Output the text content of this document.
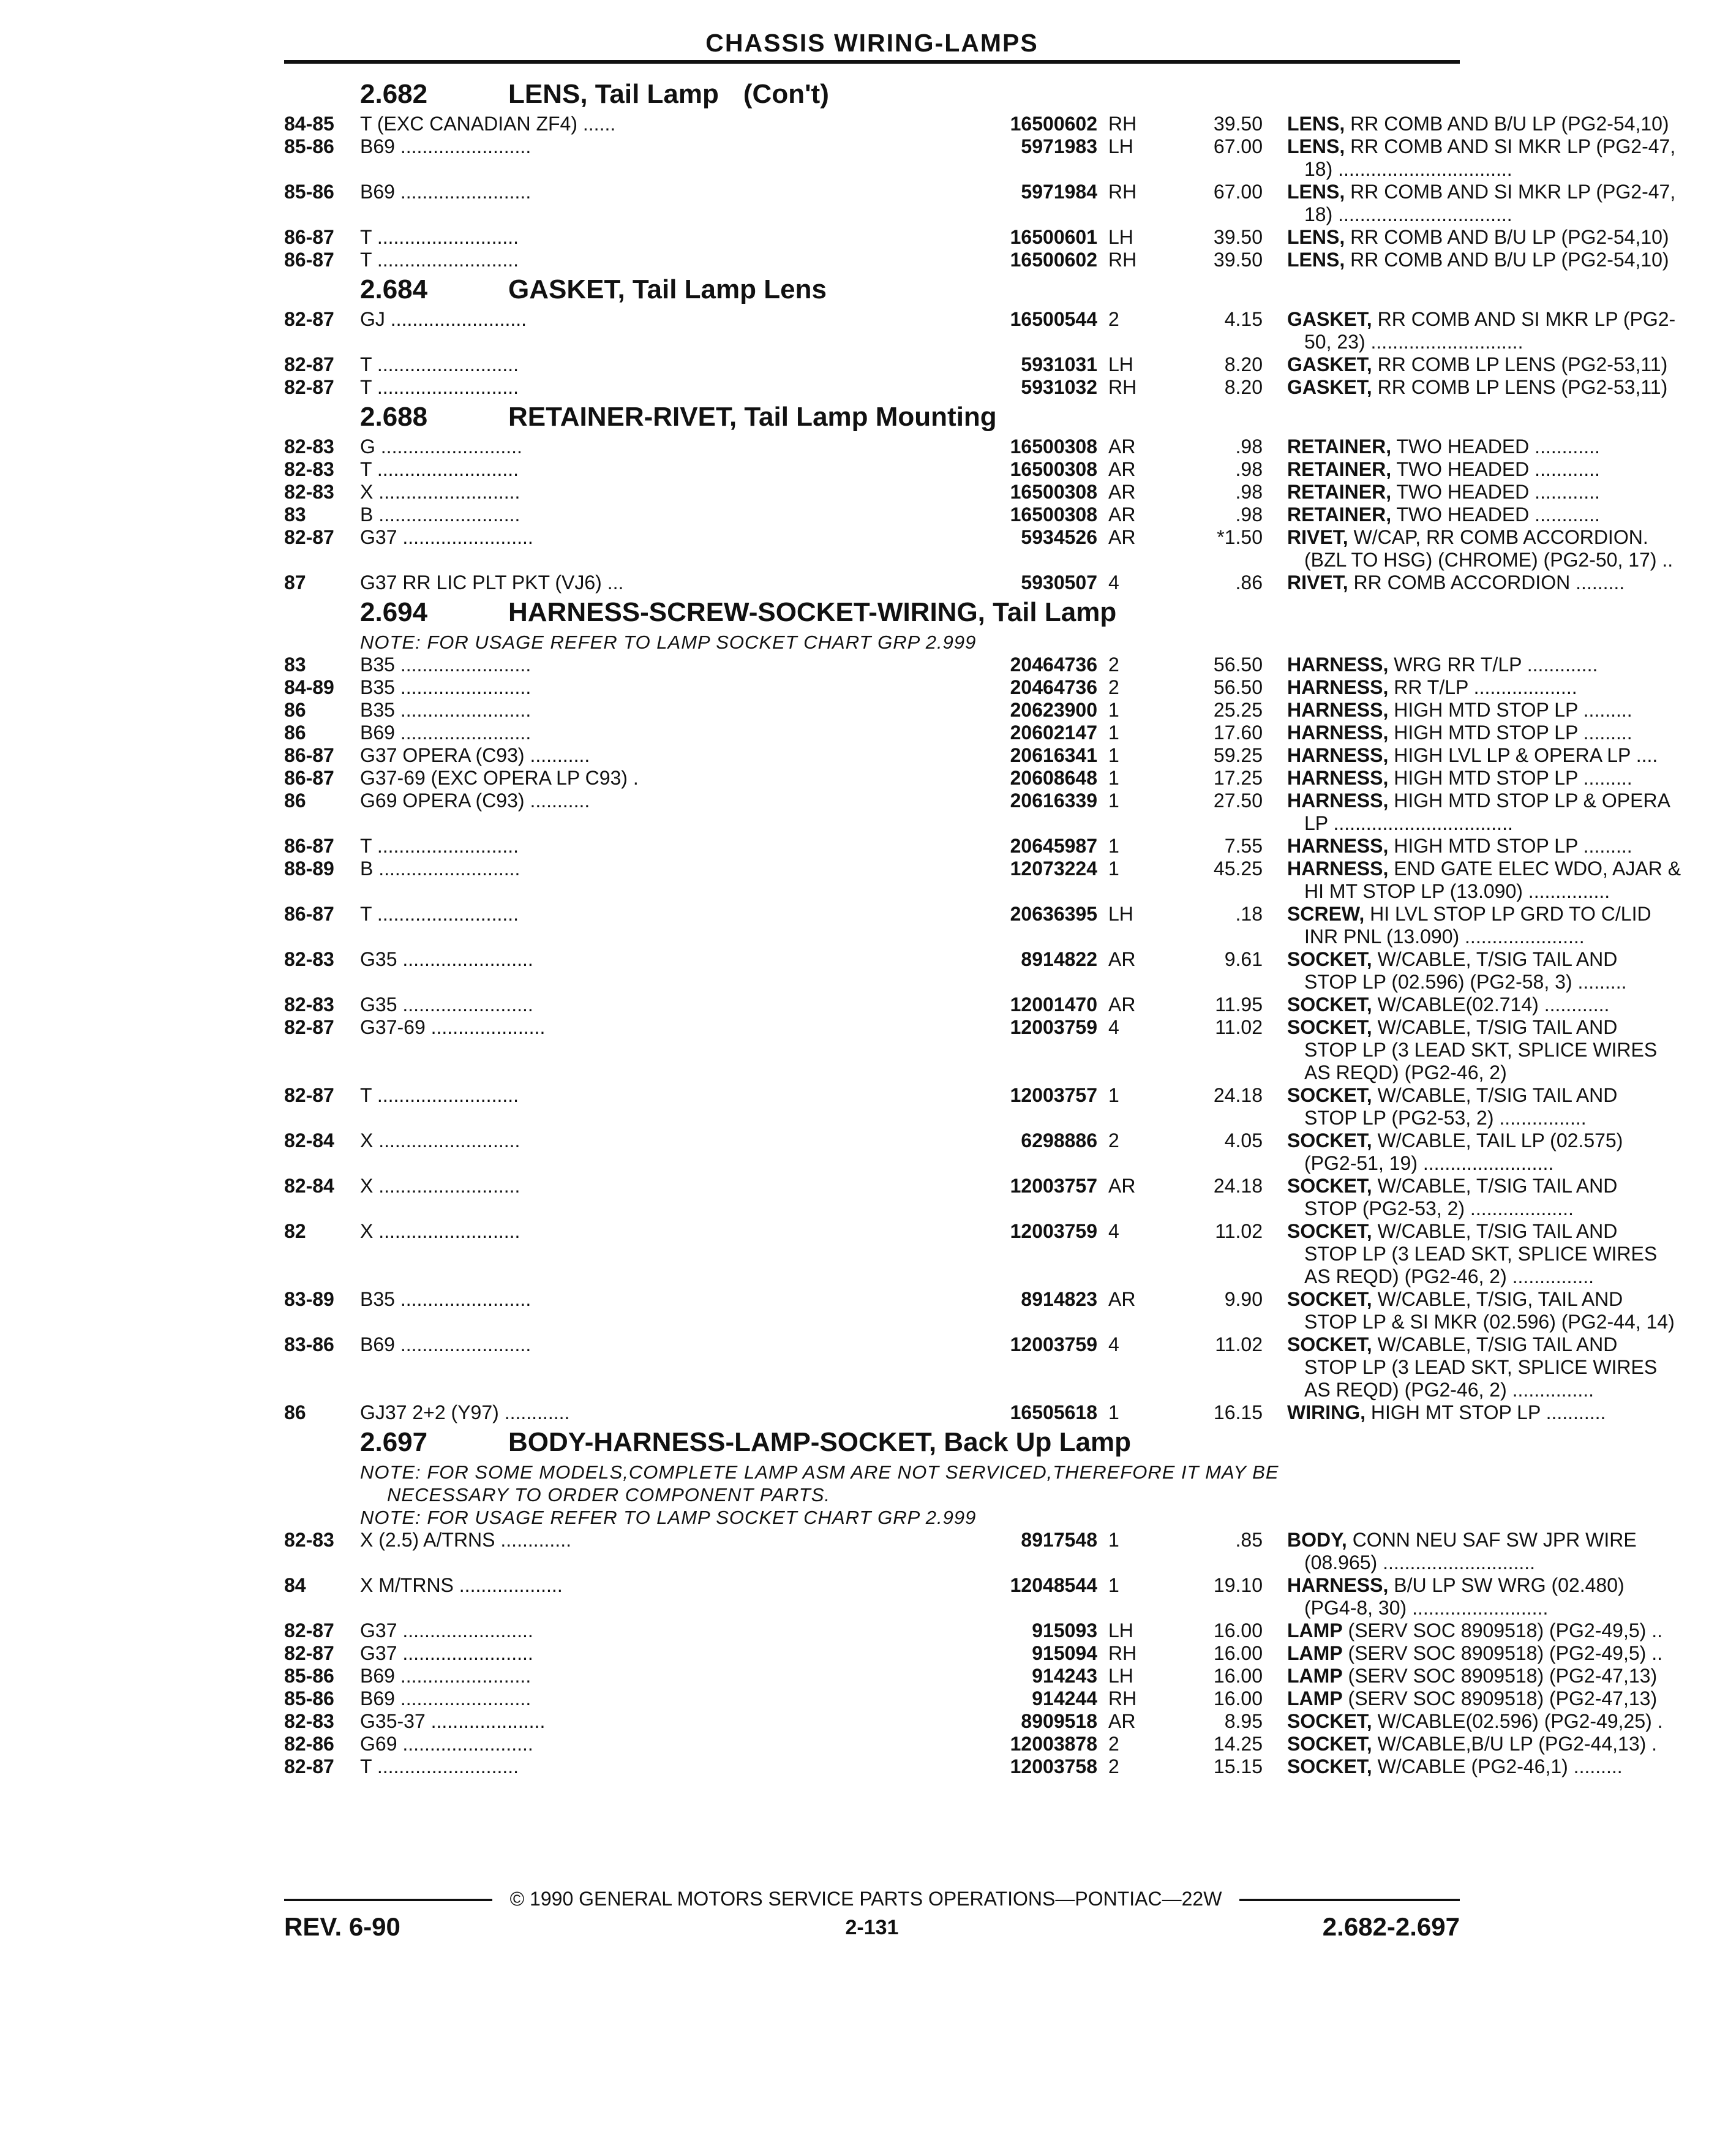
CHASSIS WIRING-LAMPS
2.682	LENS, Tail Lamp (Con't)
84-85	T (EXC CANADIAN ZF4) ......	16500602 RH	39.50 LENS, RR COMB AND B/U LP (PG2-54,10)
85-86	B69 ........................	5971983 LH	67.00 LENS, RR COMB AND SI MKR LP (PG2-47,
18) ................................
85-86	B69 ........................	5971984 RH	67.00 LENS, RR COMB AND SI MKR LP (PG2-47,
18) ................................
86-87	T ..........................	16500601 LH	39.50 LENS, RR COMB AND B/U LP (PG2-54,10)
86-87	T ..........................	16500602 RH	39.50 LENS, RR COMB AND B/U LP (PG2-54,10)
2.684	GASKET, Tail Lamp Lens
82-87	GJ .........................	16500544 2	4.15 GASKET, RR COMB AND SI MKR LP (PG2-
50, 23) ............................
82-87	T ..........................	5931031 LH	8.20 GASKET, RR COMB LP LENS (PG2-53,11)
82-87	T ..........................	5931032 RH	8.20 GASKET, RR COMB LP LENS (PG2-53,11)
2.688	RETAINER-RIVET, Tail Lamp Mounting
82-83	G ..........................	16500308 AR	.98 RETAINER, TWO HEADED ............
82-83	T ..........................	16500308 AR	.98 RETAINER, TWO HEADED ............
82-83	X ..........................	16500308 AR	.98 RETAINER, TWO HEADED ............
83	B ..........................	16500308 AR	.98 RETAINER, TWO HEADED ............
82-87	G37 ........................	5934526 AR	*1.50 RIVET, W/CAP, RR COMB ACCORDION.
(BZL TO HSG) (CHROME) (PG2-50, 17) ..
87	G37 RR LIC PLT PKT (VJ6) ...	5930507 4	.86 RIVET, RR COMB ACCORDION .........
2.694	HARNESS-SCREW-SOCKET-WIRING, Tail Lamp
NOTE: FOR USAGE REFER TO LAMP SOCKET CHART GRP 2.999
83	B35 ........................	20464736 2	56.50 HARNESS, WRG RR T/LP .............
84-89	B35 ........................	20464736 2	56.50 HARNESS, RR T/LP ...................
86	B35 ........................	20623900 1	25.25 HARNESS, HIGH MTD STOP LP .........
86	B69 ........................	20602147 1	17.60 HARNESS, HIGH MTD STOP LP .........
86-87	G37 OPERA (C93) ...........	20616341 1	59.25 HARNESS, HIGH LVL LP & OPERA LP ....
86-87	G37-69 (EXC OPERA LP C93) .	20608648 1	17.25 HARNESS, HIGH MTD STOP LP .........
86	G69 OPERA (C93) ...........	20616339 1	27.50 HARNESS, HIGH MTD STOP LP & OPERA
LP .................................
86-87	T ..........................	20645987 1	7.55 HARNESS, HIGH MTD STOP LP .........
88-89	B ..........................	12073224 1	45.25 HARNESS, END GATE ELEC WDO, AJAR &
HI MT STOP LP (13.090) ...............
86-87	T ..........................	20636395 LH	.18 SCREW, HI LVL STOP LP GRD TO C/LID
INR PNL (13.090) ......................
82-83	G35 ........................	8914822 AR	9.61 SOCKET, W/CABLE, T/SIG TAIL AND
STOP LP (02.596) (PG2-58, 3) .........
82-83	G35 ........................	12001470 AR	11.95 SOCKET, W/CABLE(02.714) ............
82-87	G37-69 .....................	12003759 4	11.02 SOCKET, W/CABLE, T/SIG TAIL AND
STOP LP (3 LEAD SKT, SPLICE WIRES
AS REQD) (PG2-46, 2)
82-87	T ..........................	12003757 1	24.18 SOCKET, W/CABLE, T/SIG TAIL AND
STOP LP (PG2-53, 2) ................
82-84	X ..........................	6298886 2	4.05 SOCKET, W/CABLE, TAIL LP (02.575)
(PG2-51, 19) ........................
82-84	X ..........................	12003757 AR	24.18 SOCKET, W/CABLE, T/SIG TAIL AND
STOP (PG2-53, 2) ...................
82	X ..........................	12003759 4	11.02 SOCKET, W/CABLE, T/SIG TAIL AND
STOP LP (3 LEAD SKT, SPLICE WIRES
AS REQD) (PG2-46, 2) ...............
83-89	B35 ........................	8914823 AR	9.90 SOCKET, W/CABLE, T/SIG, TAIL AND
STOP LP & SI MKR (02.596) (PG2-44, 14)
83-86	B69 ........................	12003759 4	11.02 SOCKET, W/CABLE, T/SIG TAIL AND
STOP LP (3 LEAD SKT, SPLICE WIRES
AS REQD) (PG2-46, 2) ...............
86	GJ37 2+2 (Y97) ............	16505618 1	16.15 WIRING, HIGH MT STOP LP ...........
2.697	BODY-HARNESS-LAMP-SOCKET, Back Up Lamp
NOTE: FOR SOME MODELS,COMPLETE LAMP ASM ARE NOT SERVICED,THEREFORE IT MAY BE
NECESSARY TO ORDER COMPONENT PARTS.
NOTE: FOR USAGE REFER TO LAMP SOCKET CHART GRP 2.999
82-83	X (2.5) A/TRNS .............	8917548 1	.85 BODY, CONN NEU SAF SW JPR WIRE
(08.965) ............................
84	X M/TRNS ...................	12048544 1	19.10 HARNESS, B/U LP SW WRG (02.480)
(PG4-8, 30) .........................
82-87	G37 ........................	915093 LH	16.00 LAMP (SERV SOC 8909518) (PG2-49,5) ..
82-87	G37 ........................	915094 RH	16.00 LAMP (SERV SOC 8909518) (PG2-49,5) ..
85-86	B69 ........................	914243 LH	16.00 LAMP (SERV SOC 8909518) (PG2-47,13)
85-86	B69 ........................	914244 RH	16.00 LAMP (SERV SOC 8909518) (PG2-47,13)
82-83	G35-37 .....................	8909518 AR	8.95 SOCKET, W/CABLE(02.596) (PG2-49,25) .
82-86	G69 ........................	12003878 2	14.25 SOCKET, W/CABLE,B/U LP (PG2-44,13) .
82-87	T ..........................	12003758 2	15.15 SOCKET, W/CABLE (PG2-46,1) .........
© 1990 GENERAL MOTORS SERVICE PARTS OPERATIONS—PONTIAC—22W
REV. 6-90	2-131	2.682-2.697
